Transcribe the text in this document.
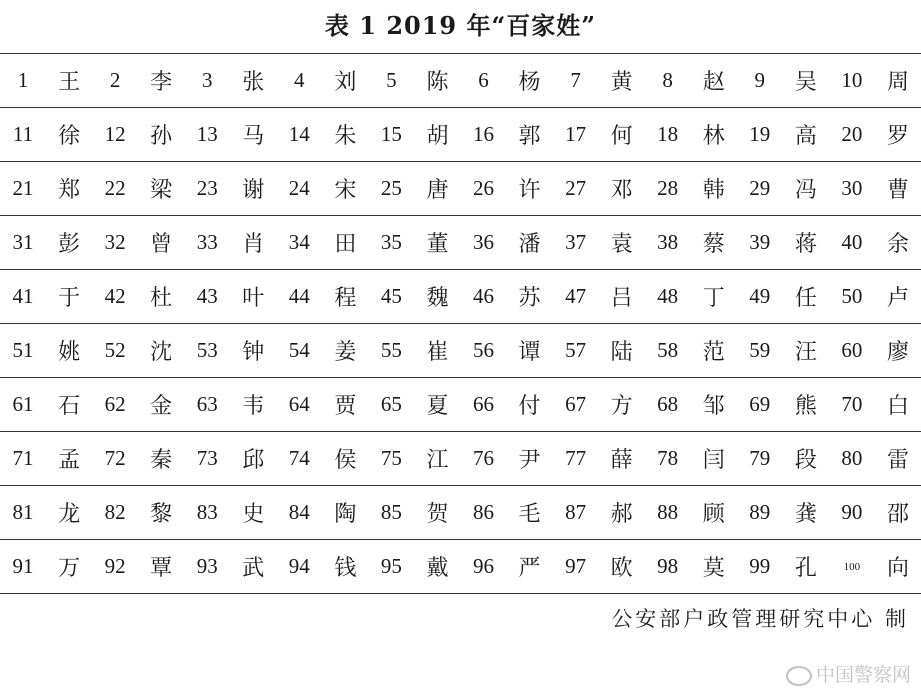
表 1 2019 年“百家姓”
1	王	2	李	3	张	4	刘	5	陈	6	杨	7	黄	8	赵	9	吴	10	周
11	徐	12	孙	13	马	14	朱	15	胡	16	郭	17	何	18	林	19	高	20	罗
21	郑	22	梁	23	谢	24	宋	25	唐	26	许	27	邓	28	韩	29	冯	30	曹
31	彭	32	曾	33	肖	34	田	35	董	36	潘	37	袁	38	蔡	39	蒋	40	余
41	于	42	杜	43	叶	44	程	45	魏	46	苏	47	吕	48	丁	49	任	50	卢
51	姚	52	沈	53	钟	54	姜	55	崔	56	谭	57	陆	58	范	59	汪	60	廖
61	石	62	金	63	韦	64	贾	65	夏	66	付	67	方	68	邹	69	熊	70	白
71	孟	72	秦	73	邱	74	侯	75	江	76	尹	77	薛	78	闫	79	段	80	雷
81	龙	82	黎	83	史	84	陶	85	贺	86	毛	87	郝	88	顾	89	龚	90	邵
91	万	92	覃	93	武	94	钱	95	戴	96	严	97	欧	98	莫	99	孔	100	向
公安部户政管理研究中心 制
中国警察网
